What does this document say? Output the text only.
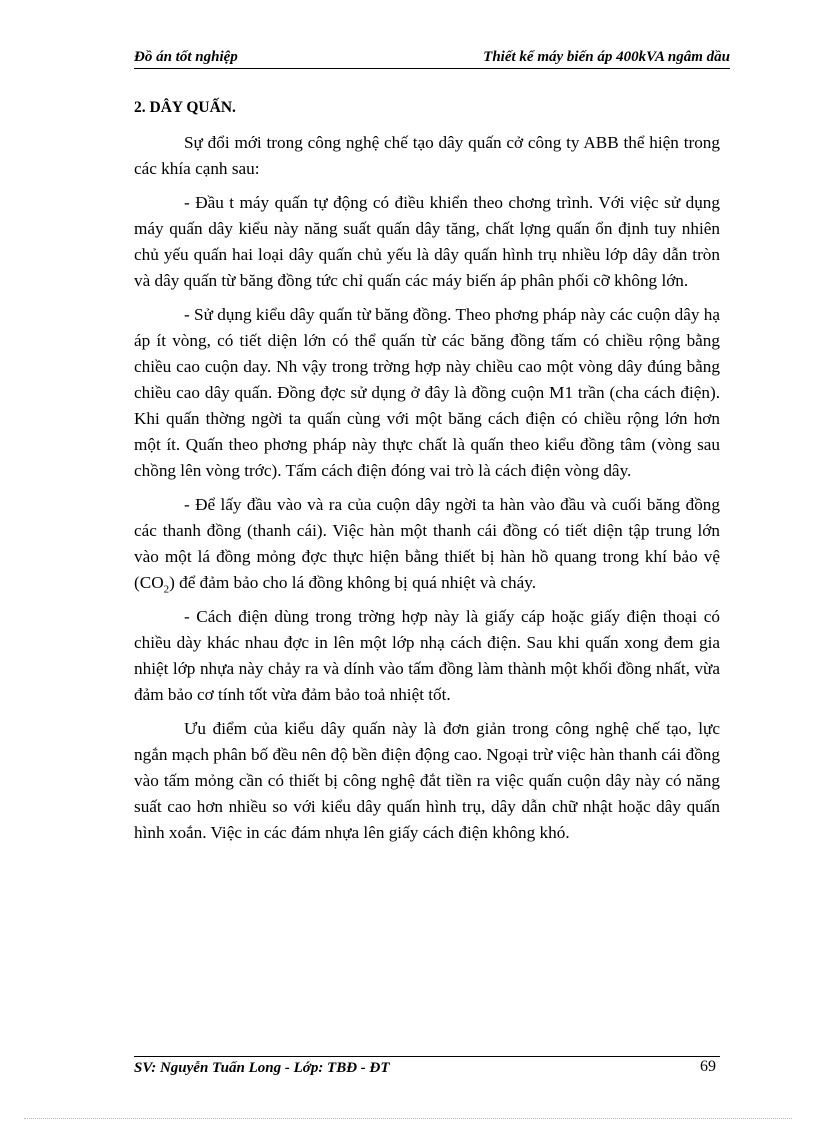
Đồ án tốt nghiệp	Thiết kế máy biến áp 400kVA ngâm dầu
2. DÂY QUẤN.

Sự đổi mới trong công nghệ chế tạo dây quấn cở công ty ABB thể hiện trong các khía cạnh sau:

- Đầu t máy quấn tự động có điều khiển theo chơng trình. Với việc sử dụng máy quấn dây kiểu này năng suất quấn dây tăng, chất lợng quấn ổn định tuy nhiên chủ yếu quấn hai loại dây quấn chủ yếu là dây quấn hình trụ nhiều lớp dây dẫn tròn và dây quấn từ băng đồng tức chỉ quấn các máy biến áp phân phối cỡ không lớn.

- Sử dụng kiểu dây quấn từ băng đồng. Theo phơng pháp này các cuộn dây hạ áp ít vòng, có tiết diện lớn có thể quấn từ các băng đồng tấm có chiều rộng bằng chiều cao cuộn day. Nh vậy trong trờng hợp này chiều cao một vòng dây đúng bằng chiều cao dây quấn. Đồng đợc sử dụng ở đây là đồng cuộn M1 trần (cha cách điện). Khi quấn thờng ngời ta quấn cùng với một băng cách điện có chiều rộng lớn hơn một ít. Quấn theo phơng pháp này thực chất là quấn theo kiểu đồng tâm (vòng sau chồng lên vòng trớc). Tấm cách điện đóng vai trò là cách điện vòng dây.

- Để lấy đầu vào và ra của cuộn dây ngời ta hàn vào đầu và cuối băng đồng các thanh đồng (thanh cái). Việc hàn một thanh cái đồng có tiết diện tập trung lớn vào một lá đồng mỏng đợc thực hiện bằng thiết bị hàn hồ quang trong khí bảo vệ $(CO_2)$ để đảm bảo cho lá đồng không bị quá nhiệt và cháy.

- Cách điện dùng trong trờng hợp này là giấy cáp hoặc giấy điện thoại có chiều dày khác nhau đợc in lên một lớp nhạ cách điện. Sau khi quấn xong đem gia nhiệt lớp nhựa này chảy ra và dính vào tấm đồng làm thành một khối đồng nhất, vừa đảm bảo cơ tính tốt vừa đảm bảo toả nhiệt tốt.

Ưu điểm của kiểu dây quấn này là đơn giản trong công nghệ chế tạo, lực ngắn mạch phân bố đều nên độ bền điện động cao. Ngoại trừ việc hàn thanh cái đồng vào tấm mỏng cần có thiết bị công nghệ đắt tiền ra việc quấn cuộn dây này có năng suất cao hơn nhiều so với kiểu dây quấn hình trụ, dây dẫn chữ nhật hoặc dây quấn hình xoắn. Việc in các đám nhựa lên giấy cách điện không khó.

SV: Nguyễn Tuấn Long - Lớp: TBĐ - ĐT	69
